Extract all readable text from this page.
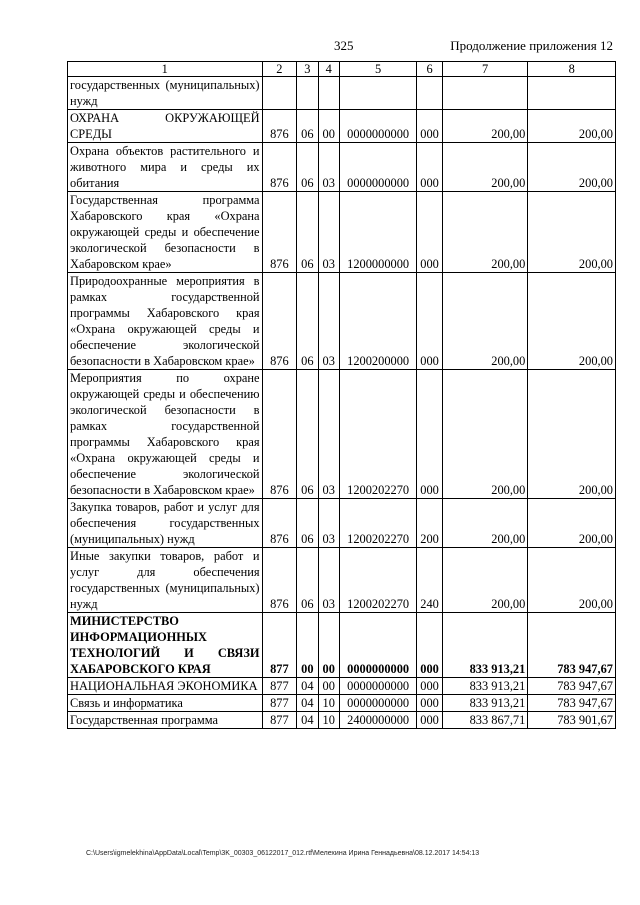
325	Продолжение приложения 12
1	2	3	4	5	6	7	8
государственных (муниципальных) нужд							
ОХРАНА ОКРУЖАЮЩЕЙ СРЕДЫ	876	06	00	0000000000	000	200,00	200,00
Охрана объектов растительного и животного мира и среды их обитания	876	06	03	0000000000	000	200,00	200,00
Государственная программа Хабаровского края «Охрана окружающей среды и обеспечение экологической безопасности в Хабаровском крае»	876	06	03	1200000000	000	200,00	200,00
Природоохранные мероприятия в рамках государственной программы Хабаровского края «Охрана окружающей среды и обеспечение экологической безопасности в Хабаровском крае»	876	06	03	1200200000	000	200,00	200,00
Мероприятия по охране окружающей среды и обеспечению экологической безопасности в рамках государственной программы Хабаровского края «Охрана окружающей среды и обеспечение экологической безопасности в Хабаровском крае»	876	06	03	1200202270	000	200,00	200,00
Закупка товаров, работ и услуг для обеспечения государственных (муниципальных) нужд	876	06	03	1200202270	200	200,00	200,00
Иные закупки товаров, работ и услуг для обеспечения государственных (муниципальных) нужд	876	06	03	1200202270	240	200,00	200,00
МИНИСТЕРСТВО ИНФОРМАЦИОННЫХ ТЕХНОЛОГИЙ И СВЯЗИ ХАБАРОВСКОГО КРАЯ	877	00	00	0000000000	000	833 913,21	783 947,67
НАЦИОНАЛЬНАЯ ЭКОНОМИКА	877	04	00	0000000000	000	833 913,21	783 947,67
Связь и информатика	877	04	10	0000000000	000	833 913,21	783 947,67
Государственная программа	877	04	10	2400000000	000	833 867,71	783 901,67
C:\Users\igmelekhina\AppData\Local\Temp\3K_00303_06122017_012.rtf\Мелехина Ирина Геннадьевна\08.12.2017 14:54:13
